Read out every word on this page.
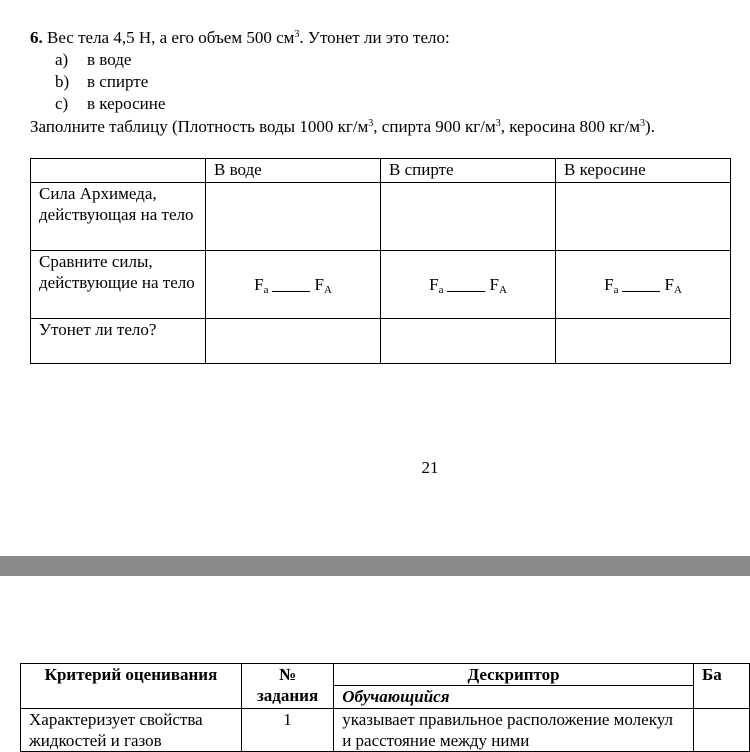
6. Вес тела 4,5 Н, а его объем 500 $см^3$. Утонет ли это тело:
a)	в воде
b)	в спирте
c)	в керосине
Заполните таблицу (Плотность воды 1000 $кг/м^3$, спирта 900 $кг/м^3$, керосина 800 $кг/м^3$).
	В воде	В спирте	В керосине
Сила Архимеда, действующая на тело			
Сравните силы, действующие на тело	$F_a$ $F_A$	$F_a$ $F_A$	$F_a$ $F_A$
Утонет ли тело?			
21
Критерий оценивания	№ задания	Дескриптор	Ба
		Обучающийся	
Характеризует свойства жидкостей и газов	1	указывает правильное расположение молекул и расстояние между ними	
